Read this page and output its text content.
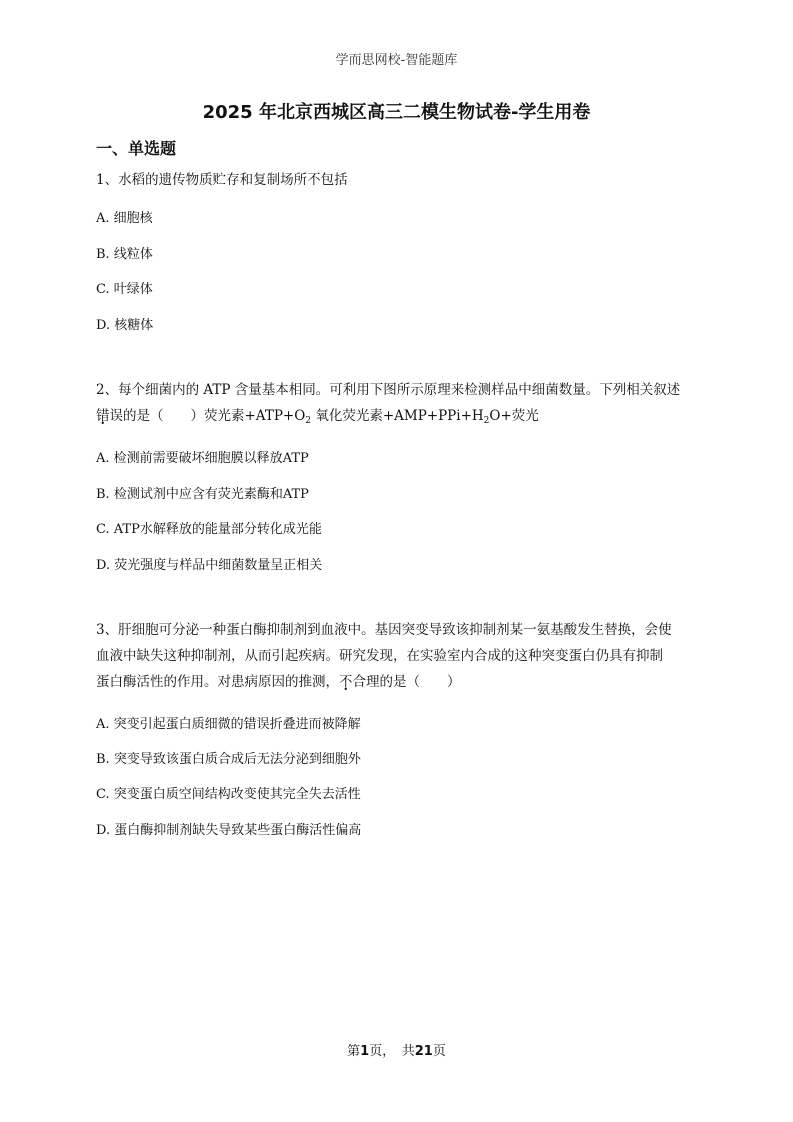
学而思网校-智能题库
2025 年北京西城区高三二模生物试卷-学生用卷
一、单选题
1、水稻的遗传物质贮存和复制场所不包括
A. 细胞核
B. 线粒体
C. 叶绿体
D. 核糖体
2、每个细菌内的 ATP 含量基本相同。可利用下图所示原理来检测样品中细菌数量。下列相关叙述
错误的是（　　）荧光素$+ATP+O_2$ 氧化荧光素$+AMP+PPi+H_2O+$荧光
A. 检测前需要破坏细胞膜以释放ATP
B. 检测试剂中应含有荧光素酶和ATP
C. ATP水解释放的能量部分转化成光能
D. 荧光强度与样品中细菌数量呈正相关
3、肝细胞可分泌一种蛋白酶抑制剂到血液中。基因突变导致该抑制剂某一氨基酸发生替换，会使
血液中缺失这种抑制剂，从而引起疾病。研究发现，在实验室内合成的这种突变蛋白仍具有抑制
蛋白酶活性的作用。对患病原因的推测，不合理的是（　　）
A. 突变引起蛋白质细微的错误折叠进而被降解
B. 突变导致该蛋白质合成后无法分泌到细胞外
C. 突变蛋白质空间结构改变使其完全失去活性
D. 蛋白酶抑制剂缺失导致某些蛋白酶活性偏高
第1页，　共21页
